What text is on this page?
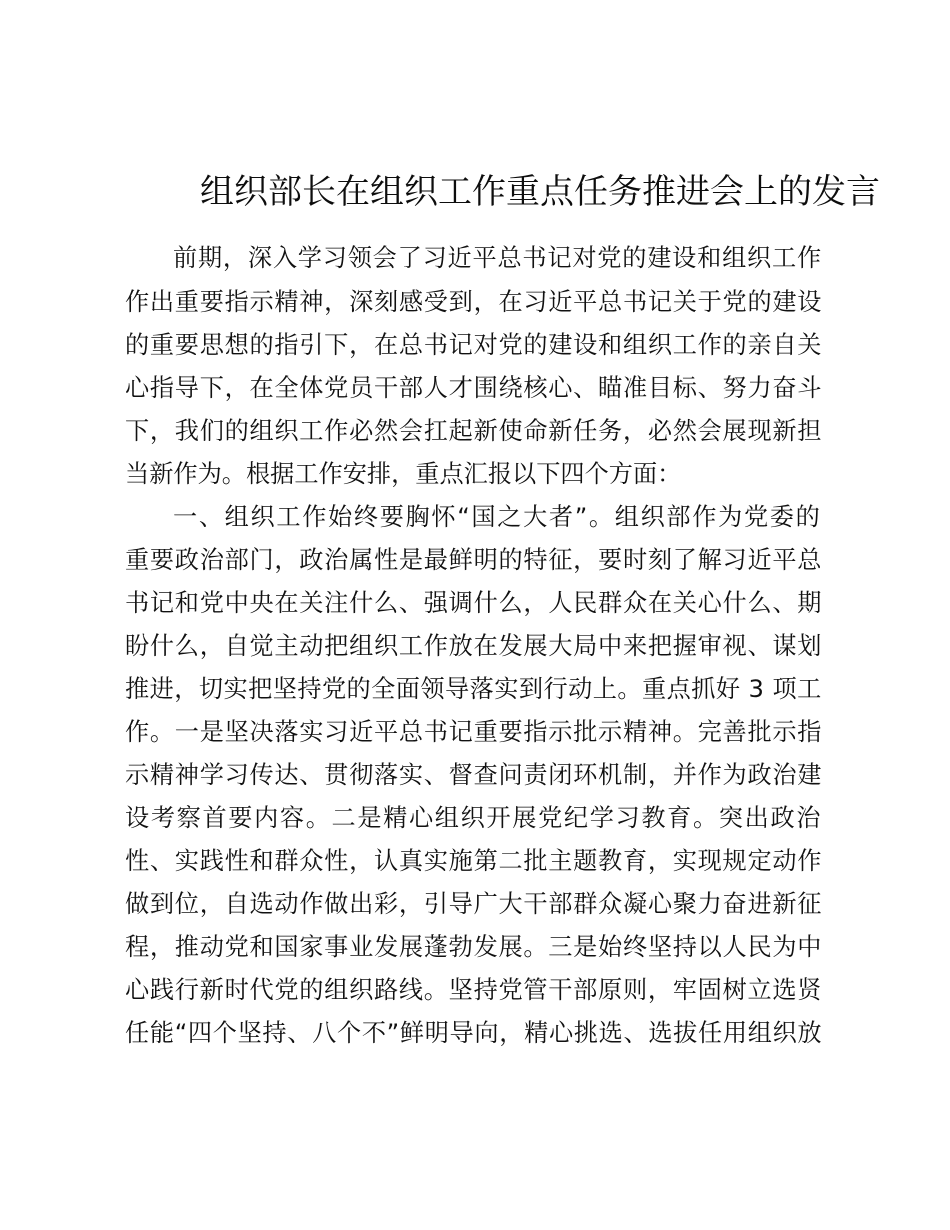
组织部长在组织工作重点任务推进会上的发言
前期，深入学习领会了习近平总书记对党的建设和组织工作
作出重要指示精神，深刻感受到，在习近平总书记关于党的建设
的重要思想的指引下，在总书记对党的建设和组织工作的亲自关
心指导下，在全体党员干部人才围绕核心、瞄准目标、努力奋斗
下，我们的组织工作必然会扛起新使命新任务，必然会展现新担
当新作为。根据工作安排，重点汇报以下四个方面：
一、组织工作始终要胸怀“国之大者”。组织部作为党委的
重要政治部门，政治属性是最鲜明的特征，要时刻了解习近平总
书记和党中央在关注什么、强调什么，人民群众在关心什么、期
盼什么，自觉主动把组织工作放在发展大局中来把握审视、谋划
推进，切实把坚持党的全面领导落实到行动上。重点抓好 3 项工
作。一是坚决落实习近平总书记重要指示批示精神。完善批示指
示精神学习传达、贯彻落实、督查问责闭环机制，并作为政治建
设考察首要内容。二是精心组织开展党纪学习教育。突出政治
性、实践性和群众性，认真实施第二批主题教育，实现规定动作
做到位，自选动作做出彩，引导广大干部群众凝心聚力奋进新征
程，推动党和国家事业发展蓬勃发展。三是始终坚持以人民为中
心践行新时代党的组织路线。坚持党管干部原则，牢固树立选贤
任能“四个坚持、八个不”鲜明导向，精心挑选、选拔任用组织放
